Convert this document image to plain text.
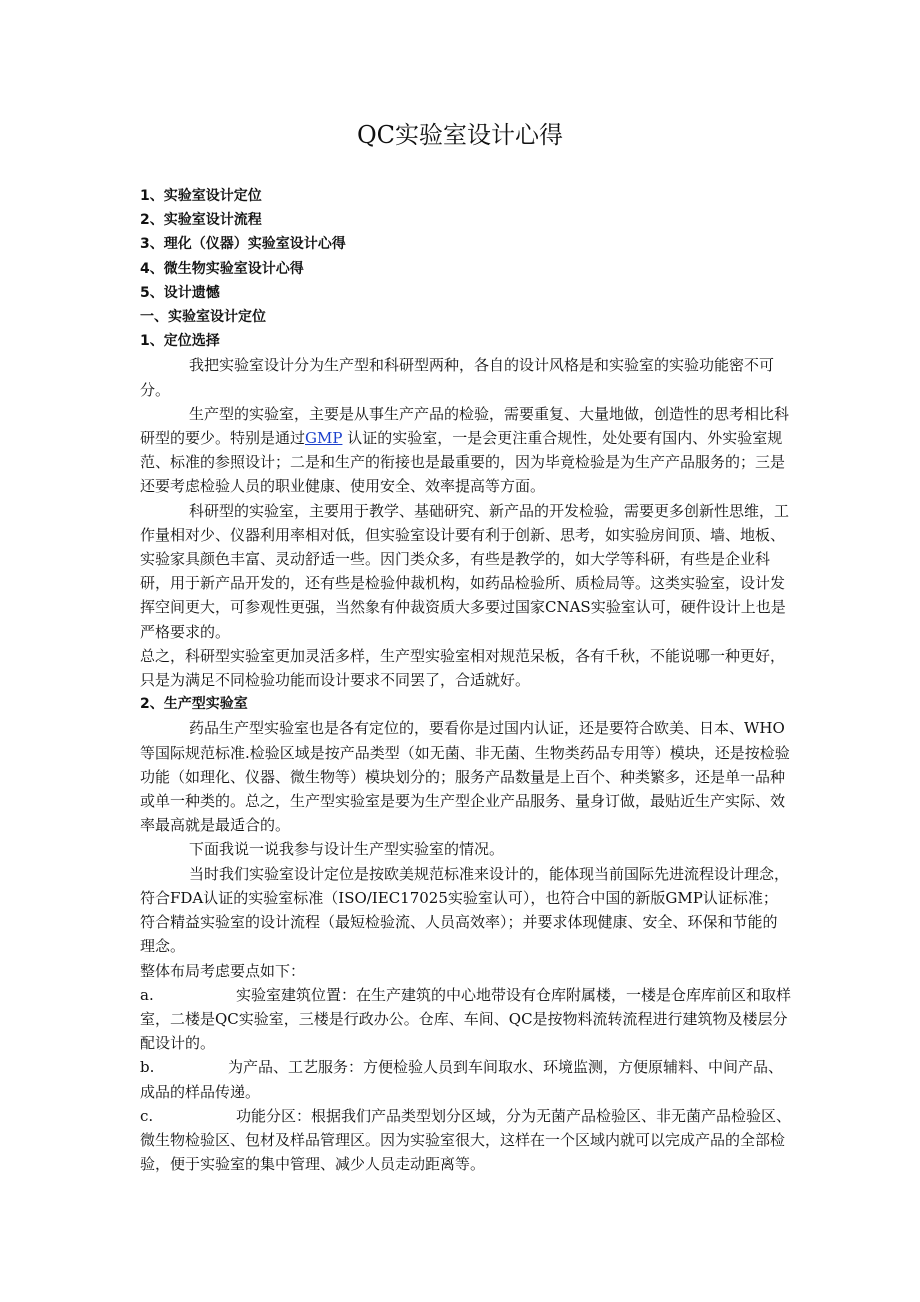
QC实验室设计心得

1、实验室设计定位

2、实验室设计流程

3、理化（仪器）实验室设计心得

4、微生物实验室设计心得

5、设计遗憾

一、实验室设计定位

1、定位选择

我把实验室设计分为生产型和科研型两种，各自的设计风格是和实验室的实验功能密不可分。

生产型的实验室，主要是从事生产产品的检验，需要重复、大量地做，创造性的思考相比科研型的要少。特别是通过GMP 认证的实验室，一是会更注重合规性，处处要有国内、外实验室规范、标准的参照设计；二是和生产的衔接也是最重要的，因为毕竟检验是为生产产品服务的；三是还要考虑检验人员的职业健康、使用安全、效率提高等方面。

科研型的实验室，主要用于教学、基础研究、新产品的开发检验，需要更多创新性思维，工作量相对少、仪器利用率相对低，但实验室设计要有利于创新、思考，如实验房间顶、墙、地板、实验家具颜色丰富、灵动舒适一些。因门类众多，有些是教学的，如大学等科研，有些是企业科研，用于新产品开发的，还有些是检验仲裁机构，如药品检验所、质检局等。这类实验室，设计发挥空间更大，可参观性更强，当然象有仲裁资质大多要过国家CNAS实验室认可，硬件设计上也是严格要求的。

总之，科研型实验室更加灵活多样，生产型实验室相对规范呆板，各有千秋，不能说哪一种更好，只是为满足不同检验功能而设计要求不同罢了，合适就好。

2、生产型实验室

药品生产型实验室也是各有定位的，要看你是过国内认证，还是要符合欧美、日本、WHO等国际规范标准.检验区域是按产品类型（如无菌、非无菌、生物类药品专用等）模块，还是按检验功能（如理化、仪器、微生物等）模块划分的；服务产品数量是上百个、种类繁多，还是单一品种或单一种类的。总之，生产型实验室是要为生产型企业产品服务、量身订做，最贴近生产实际、效率最高就是最适合的。

下面我说一说我参与设计生产型实验室的情况。

当时我们实验室设计定位是按欧美规范标准来设计的，能体现当前国际先进流程设计理念，符合FDA认证的实验室标准（ISO/IEC17025实验室认可），也符合中国的新版GMP认证标准；符合精益实验室的设计流程（最短检验流、人员高效率）；并要求体现健康、安全、环保和节能的理念。

整体布局考虑要点如下：

a.	实验室建筑位置：在生产建筑的中心地带设有仓库附属楼，一楼是仓库库前区和取样室，二楼是QC实验室，三楼是行政办公。仓库、车间、QC是按物料流转流程进行建筑物及楼层分配设计的。

b.	为产品、工艺服务：方便检验人员到车间取水、环境监测，方便原辅料、中间产品、成品的样品传递。

c.	功能分区：根据我们产品类型划分区域，分为无菌产品检验区、非无菌产品检验区、微生物检验区、包材及样品管理区。因为实验室很大，这样在一个区域内就可以完成产品的全部检验，便于实验室的集中管理、减少人员走动距离等。
